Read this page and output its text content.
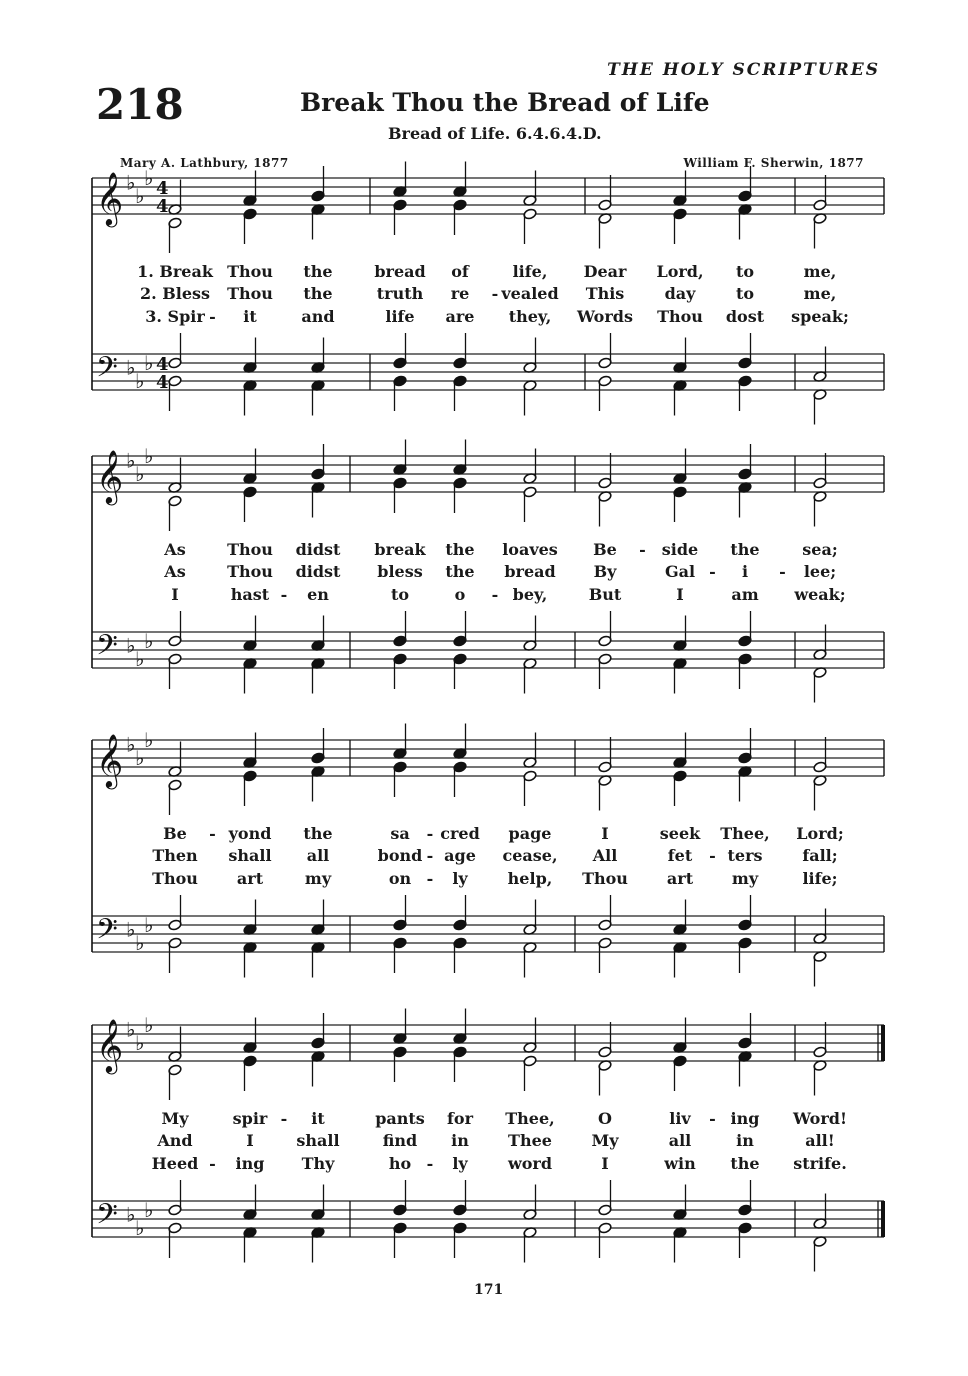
THE HOLY SCRIPTURES
218	Break Thou the Bread of Life
Bread of Life. 6.4.6.4.D.
Mary A. Lathbury, 1877	William F. Sherwin, 1877
𝄞 ♭
♭
♭ 4
4
𝄢 ♭
♭
♭ 4
4
1. Break Thou the	bread of	life, Dear Lord, to	me,
2. Bless Thou the	truth re - vealed This	day	to	me,
3. Spir - it	and	life are they, Words Thou dost speak;
𝄞 ♭
♭
♭
𝄢 ♭
♭
♭
As	Thou didst break the loaves Be - side the	sea;
As	Thou didst bless the bread By	Gal - i - lee;
I	hast - en	to	o - bey,	But	I	am weak;
𝄞 ♭
♭
♭
𝄢 ♭
♭
♭
Be - yond the	sa - cred page	I	seek Thee, Lord;
Then shall all	bond - age cease, All	fet - ters fall;
Thou art	my	on - ly help, Thou art my	life;
𝄞 ♭
♭
♭
𝄢 ♭
♭
♭
My	spir - it	pants for Thee,	O	liv - ing Word!
And	I	shall	find in Thee My	all	in	all!
Heed - ing Thy	ho - ly	word	I	win the strife.
171
